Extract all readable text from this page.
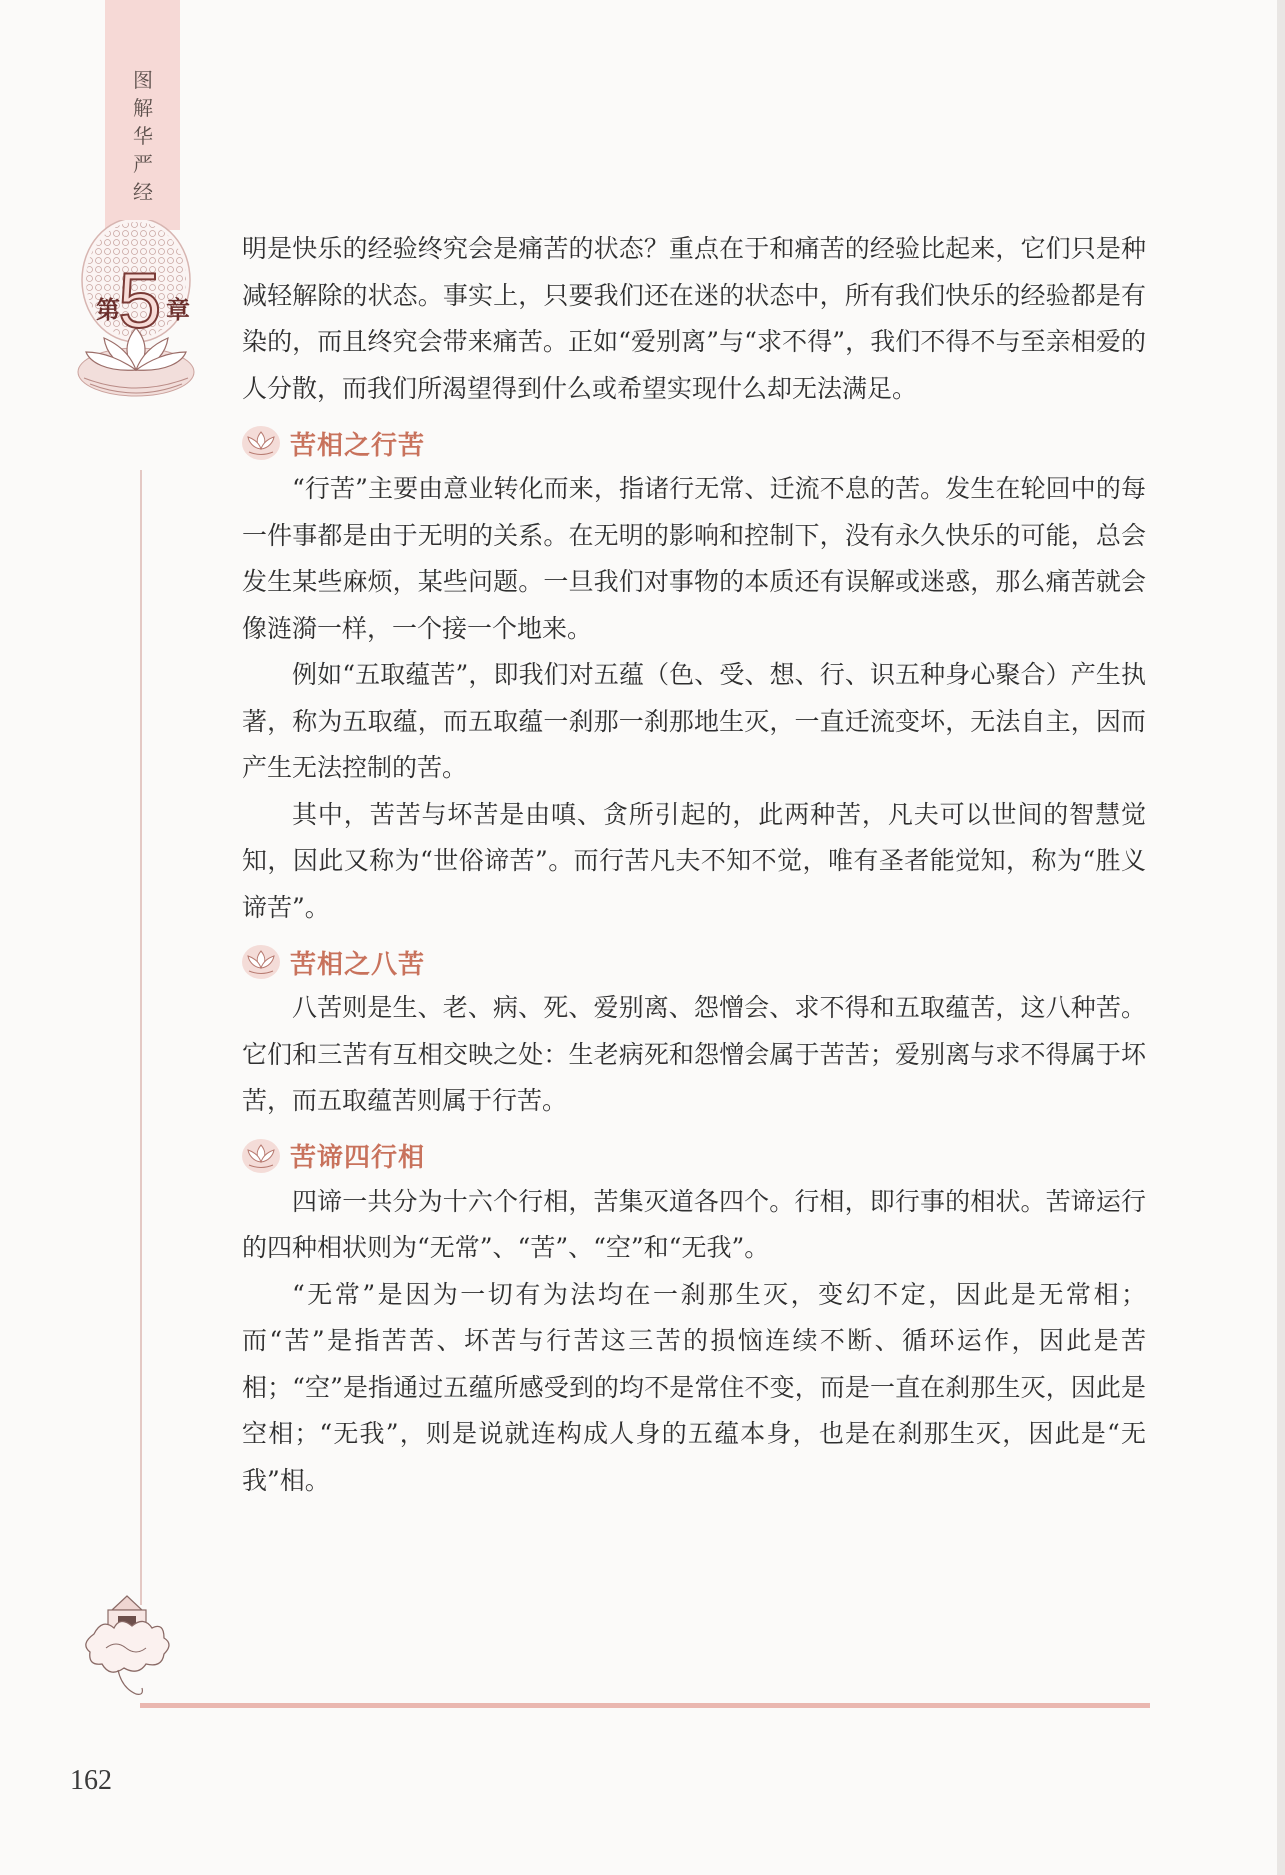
图
解
华
严
经
第
5 章

明是快乐的经验终究会是痛苦的状态？重点在于和痛苦的经验比起来，它们只是种减轻解除的状态。事实上，只要我们还在迷的状态中，所有我们快乐的经验都是有染的，而且终究会带来痛苦。正如“爱别离”与“求不得”，我们不得不与至亲相爱的人分散，而我们所渴望得到什么或希望实现什么却无法满足。

苦相之行苦

“行苦”主要由意业转化而来，指诸行无常、迁流不息的苦。发生在轮回中的每一件事都是由于无明的关系。在无明的影响和控制下，没有永久快乐的可能，总会发生某些麻烦，某些问题。一旦我们对事物的本质还有误解或迷惑，那么痛苦就会像涟漪一样，一个接一个地来。

例如“五取蕴苦”，即我们对五蕴（色、受、想、行、识五种身心聚合）产生执著，称为五取蕴，而五取蕴一刹那一刹那地生灭，一直迁流变坏，无法自主，因而产生无法控制的苦。

其中，苦苦与坏苦是由嗔、贪所引起的，此两种苦，凡夫可以世间的智慧觉知，因此又称为“世俗谛苦”。而行苦凡夫不知不觉，唯有圣者能觉知，称为“胜义谛苦”。

苦相之八苦

八苦则是生、老、病、死、爱别离、怨憎会、求不得和五取蕴苦，这八种苦。它们和三苦有互相交映之处：生老病死和怨憎会属于苦苦；爱别离与求不得属于坏苦，而五取蕴苦则属于行苦。

苦谛四行相

四谛一共分为十六个行相，苦集灭道各四个。行相，即行事的相状。苦谛运行的四种相状则为“无常”、“苦”、“空”和“无我”。

“无常”是因为一切有为法均在一刹那生灭，变幻不定，因此是无常相；而“苦”是指苦苦、坏苦与行苦这三苦的损恼连续不断、循环运作，因此是苦相；“空”是指通过五蕴所感受到的均不是常住不变，而是一直在刹那生灭，因此是空相；“无我”，则是说就连构成人身的五蕴本身，也是在刹那生灭，因此是“无我”相。

162
